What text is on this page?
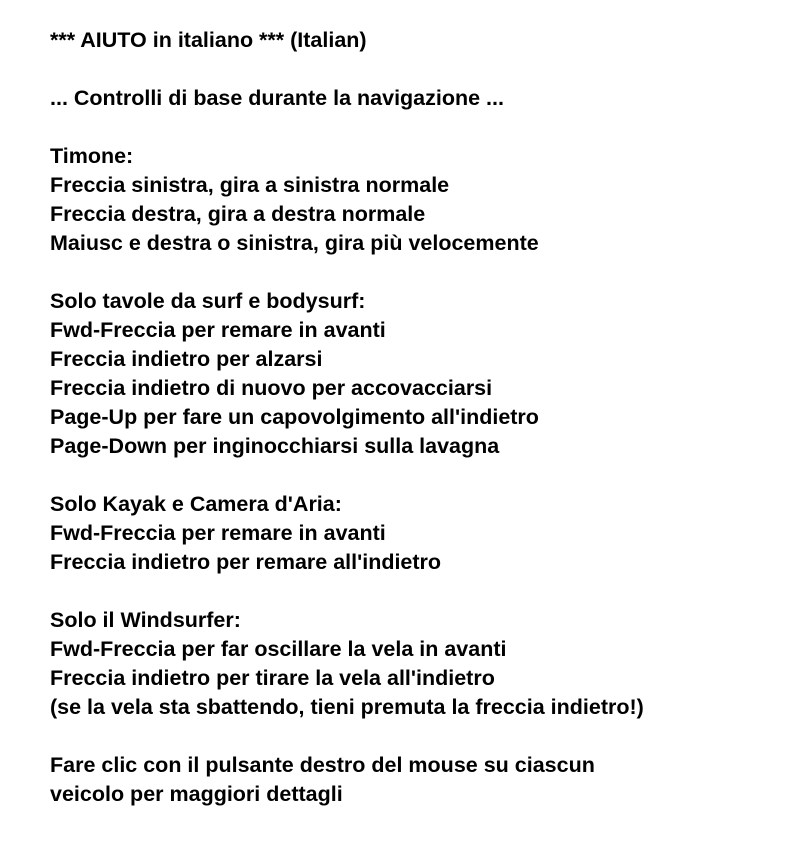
*** AIUTO in italiano *** (Italian)
... Controlli di base durante la navigazione ...
Timone:
Freccia sinistra, gira a sinistra normale
Freccia destra, gira a destra normale
Maiusc e destra o sinistra, gira più velocemente
Solo tavole da surf e bodysurf:
Fwd-Freccia per remare in avanti
Freccia indietro per alzarsi
Freccia indietro di nuovo per accovacciarsi
Page-Up per fare un capovolgimento all'indietro
Page-Down per inginocchiarsi sulla lavagna
Solo Kayak e Camera d'Aria:
Fwd-Freccia per remare in avanti
Freccia indietro per remare all'indietro
Solo il Windsurfer:
Fwd-Freccia per far oscillare la vela in avanti
Freccia indietro per tirare la vela all'indietro
(se la vela sta sbattendo, tieni premuta la freccia indietro!)
Fare clic con il pulsante destro del mouse su ciascun
veicolo per maggiori dettagli
